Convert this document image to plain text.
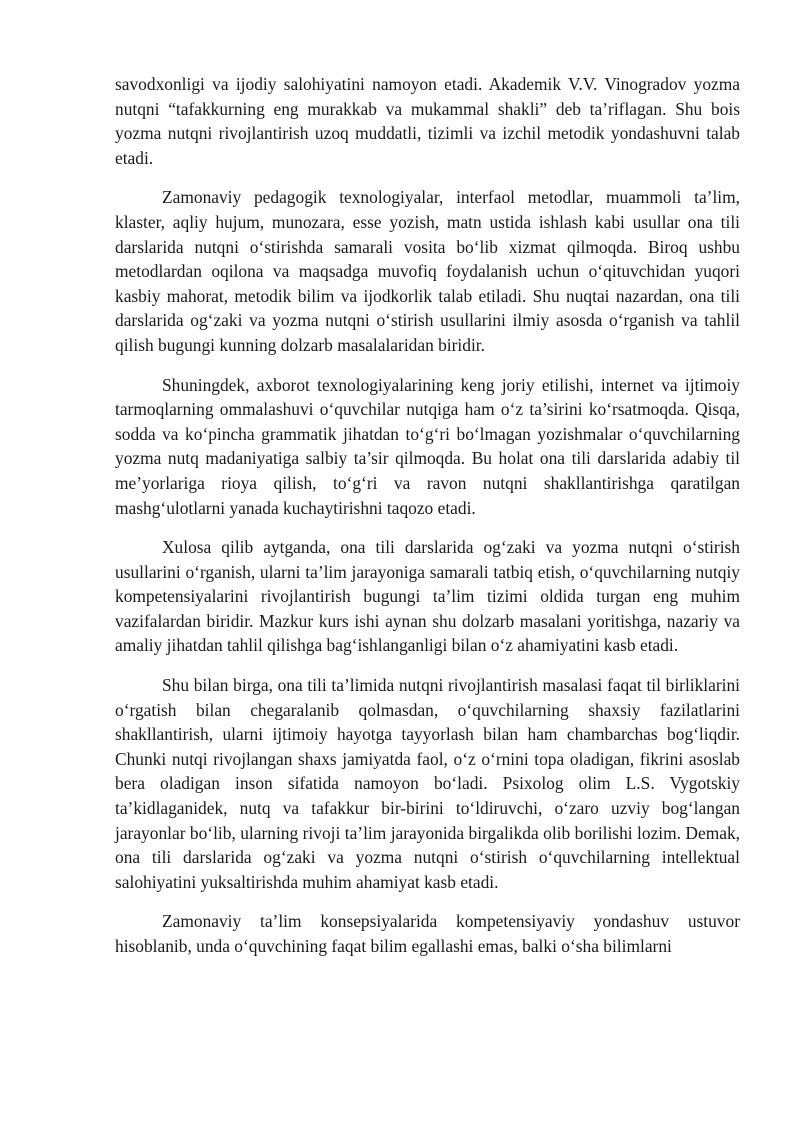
savodxonligi va ijodiy salohiyatini namoyon etadi. Akademik V.V. Vinogradov yozma nutqni “tafakkurning eng murakkab va mukammal shakli” deb ta’riflagan. Shu bois yozma nutqni rivojlantirish uzoq muddatli, tizimli va izchil metodik yondashuvni talab etadi.

Zamonaviy pedagogik texnologiyalar, interfaol metodlar, muammoli ta’lim, klaster, aqliy hujum, munozara, esse yozish, matn ustida ishlash kabi usullar ona tili darslarida nutqni o‘stirishda samarali vosita bo‘lib xizmat qilmoqda. Biroq ushbu metodlardan oqilona va maqsadga muvofiq foydalanish uchun o‘qituvchidan yuqori kasbiy mahorat, metodik bilim va ijodkorlik talab etiladi. Shu nuqtai nazardan, ona tili darslarida og‘zaki va yozma nutqni o‘stirish usullarini ilmiy asosda o‘rganish va tahlil qilish bugungi kunning dolzarb masalalaridan biridir.

Shuningdek, axborot texnologiyalarining keng joriy etilishi, internet va ijtimoiy tarmoqlarning ommalashuvi o‘quvchilar nutqiga ham o‘z ta’sirini ko‘rsatmoqda. Qisqa, sodda va ko‘pincha grammatik jihatdan to‘g‘ri bo‘lmagan yozishmalar o‘quvchilarning yozma nutq madaniyatiga salbiy ta’sir qilmoqda. Bu holat ona tili darslarida adabiy til me’yorlariga rioya qilish, to‘g‘ri va ravon nutqni shakllantirishga qaratilgan mashg‘ulotlarni yanada kuchaytirishni taqozo etadi.

Xulosa qilib aytganda, ona tili darslarida og‘zaki va yozma nutqni o‘stirish usullarini o‘rganish, ularni ta’lim jarayoniga samarali tatbiq etish, o‘quvchilarning nutqiy kompetensiyalarini rivojlantirish bugungi ta’lim tizimi oldida turgan eng muhim vazifalardan biridir. Mazkur kurs ishi aynan shu dolzarb masalani yoritishga, nazariy va amaliy jihatdan tahlil qilishga bag‘ishlanganligi bilan o‘z ahamiyatini kasb etadi.

Shu bilan birga, ona tili ta’limida nutqni rivojlantirish masalasi faqat til birliklarini o‘rgatish bilan chegaralanib qolmasdan, o‘quvchilarning shaxsiy fazilatlarini shakllantirish, ularni ijtimoiy hayotga tayyorlash bilan ham chambarchas bog‘liqdir. Chunki nutqi rivojlangan shaxs jamiyatda faol, o‘z o‘rnini topa oladigan, fikrini asoslab bera oladigan inson sifatida namoyon bo‘ladi. Psixolog olim L.S. Vygotskiy ta’kidlaganidek, nutq va tafakkur bir-birini to‘ldiruvchi, o‘zaro uzviy bog‘langan jarayonlar bo‘lib, ularning rivoji ta’lim jarayonida birgalikda olib borilishi lozim. Demak, ona tili darslarida og‘zaki va yozma nutqni o‘stirish o‘quvchilarning intellektual salohiyatini yuksaltirishda muhim ahamiyat kasb etadi.

Zamonaviy ta’lim konsepsiyalarida kompetensiyaviy yondashuv ustuvor hisoblanib, unda o‘quvchining faqat bilim egallashi emas, balki o‘sha bilimlarni
